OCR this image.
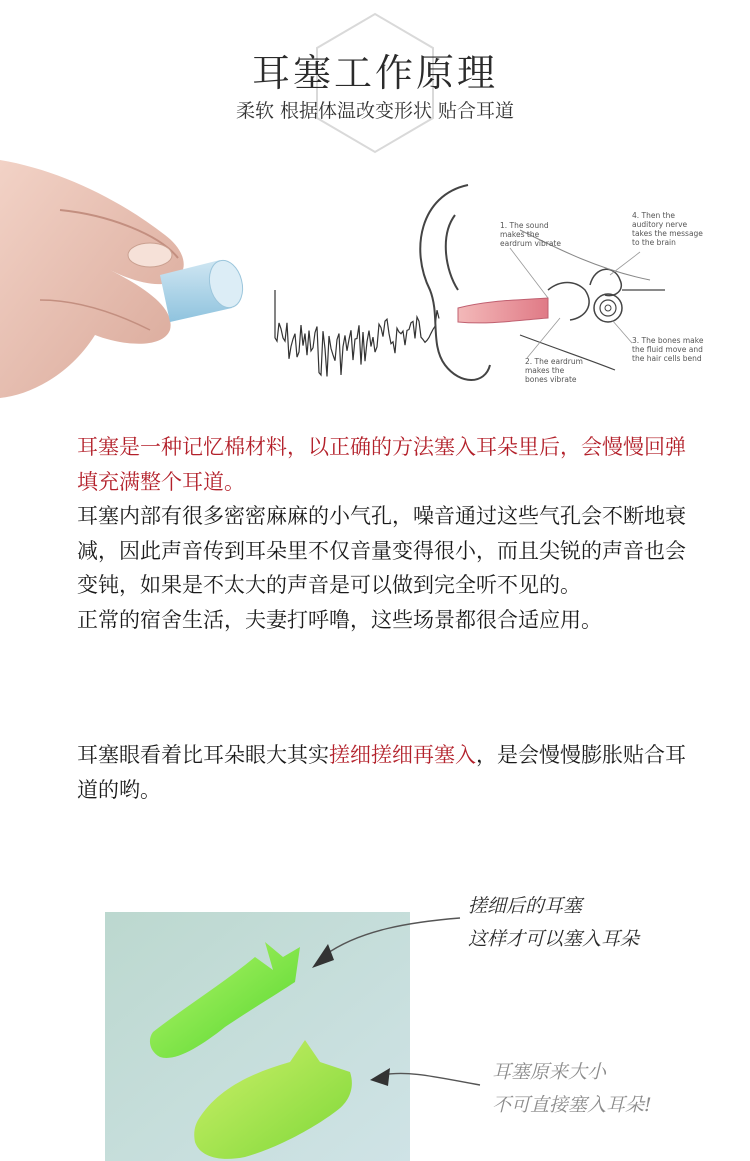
耳塞工作原理
柔软 根据体温改变形状 贴合耳道
1. The sound
makes the
eardrum vibrate
2. The eardrum
makes the
bones vibrate
3. The bones make
the fluid move and
the hair cells bend
4. Then the
auditory nerve
takes the message
to the brain

耳塞是一种记忆棉材料，以正确的方法塞入耳朵里后，会慢慢回弹填充满整个耳道。

耳塞内部有很多密密麻麻的小气孔，噪音通过这些气孔会不断地衰减，因此声音传到耳朵里不仅音量变得很小，而且尖锐的声音也会变钝，如果是不太大的声音是可以做到完全听不见的。

正常的宿舍生活，夫妻打呼噜，这些场景都很合适应用。

耳塞眼看着比耳朵眼大其实搓细搓细再塞入，是会慢慢膨胀贴合耳道的哟。

搓细后的耳塞

这样才可以塞入耳朵

耳塞原来大小

不可直接塞入耳朵!
